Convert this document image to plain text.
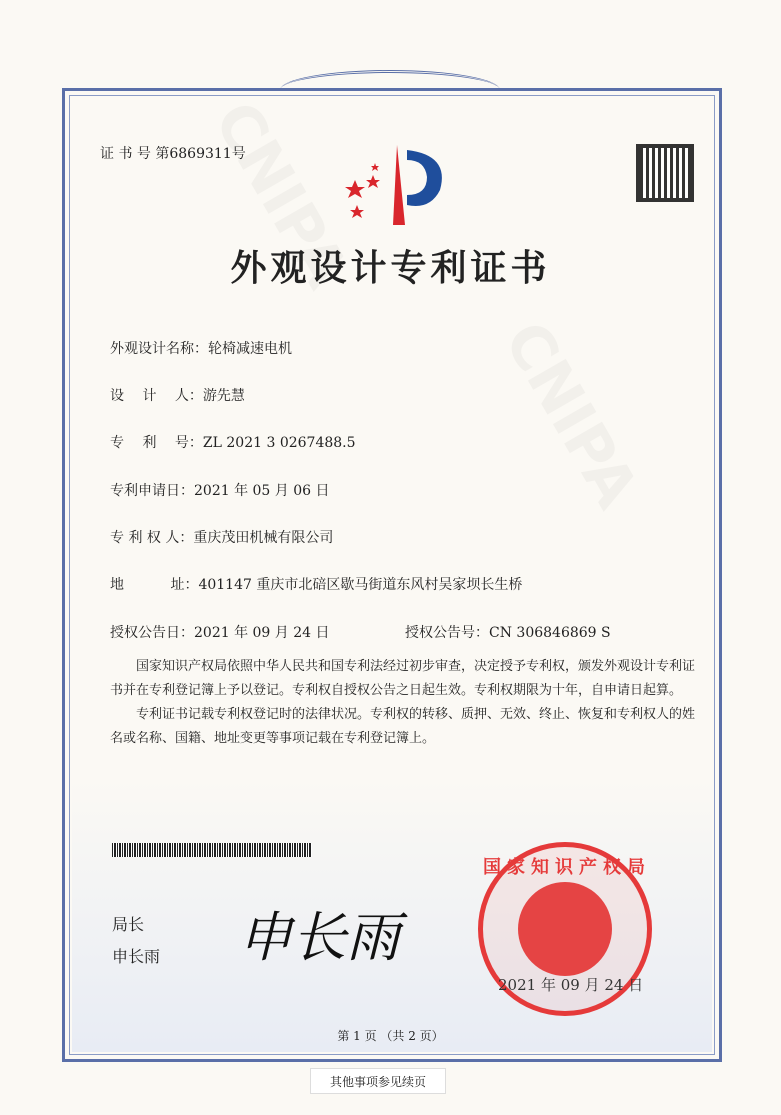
证 书 号 第6869311号
外观设计专利证书
外观设计名称：轮椅减速电机
设　 计　 人：游先慧
专　 利　 号：ZL 2021 3 0267488.5
专利申请日：2021 年 05 月 06 日
专 利 权 人：重庆茂田机械有限公司
地　　　 址：401147 重庆市北碚区歇马街道东风村吴家坝长生桥
授权公告日：2021 年 09 月 24 日	授权公告号：CN 306846869 S

国家知识产权局依照中华人民共和国专利法经过初步审查，决定授予专利权，颁发外观设计专利证书并在专利登记簿上予以登记。专利权自授权公告之日起生效。专利权期限为十年，自申请日起算。

专利证书记载专利权登记时的法律状况。专利权的转移、质押、无效、终止、恢复和专利权人的姓名或名称、国籍、地址变更等事项记载在专利登记簿上。

局长
申长雨 申长雨
国家知识产权局
2021 年 09 月 24 日
第 1 页 （共 2 页）
其他事项参见续页
